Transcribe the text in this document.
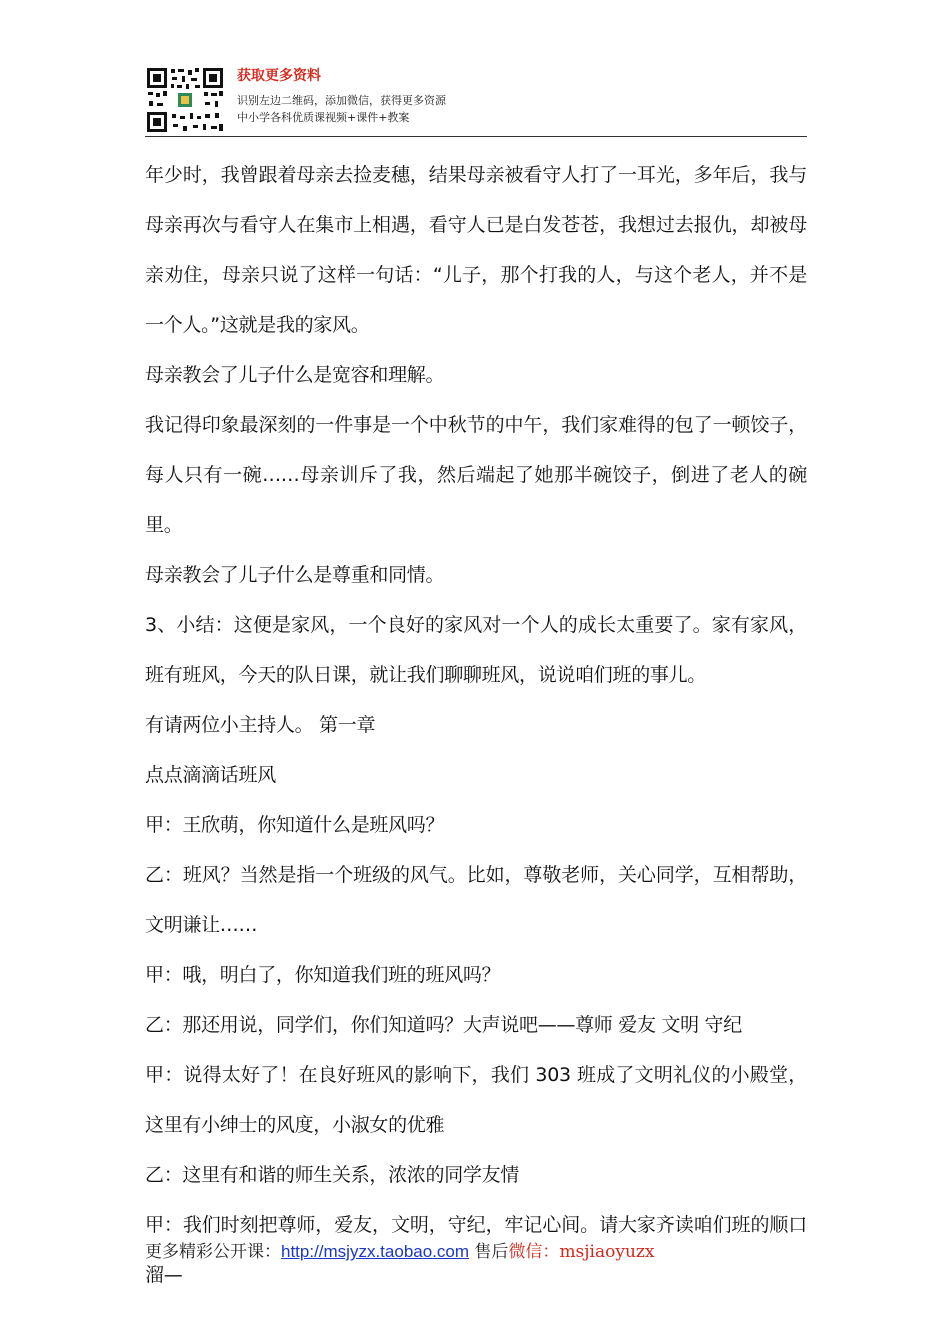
获取更多资料

识别左边二维码，添加微信，获得更多资源

中小学各科优质课视频+课件+教案

年少时，我曾跟着母亲去捡麦穗，结果母亲被看守人打了一耳光，多年后，我与母亲再次与看守人在集市上相遇，看守人已是白发苍苍，我想过去报仇，却被母亲劝住，母亲只说了这样一句话：“儿子，那个打我的人，与这个老人，并不是一个人。”这就是我的家风。

母亲教会了儿子什么是宽容和理解。

我记得印象最深刻的一件事是一个中秋节的中午，我们家难得的包了一顿饺子，每人只有一碗……母亲训斥了我，然后端起了她那半碗饺子，倒进了老人的碗里。

母亲教会了儿子什么是尊重和同情。

3、小结：这便是家风，一个良好的家风对一个人的成长太重要了。家有家风，班有班风，今天的队日课，就让我们聊聊班风，说说咱们班的事儿。

有请两位小主持人。 第一章

点点滴滴话班风

甲：王欣萌，你知道什么是班风吗？

乙：班风？当然是指一个班级的风气。比如，尊敬老师，关心同学，互相帮助，文明谦让……

甲：哦，明白了，你知道我们班的班风吗？

乙：那还用说，同学们，你们知道吗？大声说吧——尊师 爱友 文明 守纪

甲：说得太好了！在良好班风的影响下，我们 303 班成了文明礼仪的小殿堂，这里有小绅士的风度，小淑女的优雅

乙：这里有和谐的师生关系，浓浓的同学友情

甲：我们时刻把尊师，爱友，文明，守纪，牢记心间。请大家齐读咱们班的顺口溜—

更多精彩公开课：http://msjyzx.taobao.com 售后微信：msjiaoyuzx
